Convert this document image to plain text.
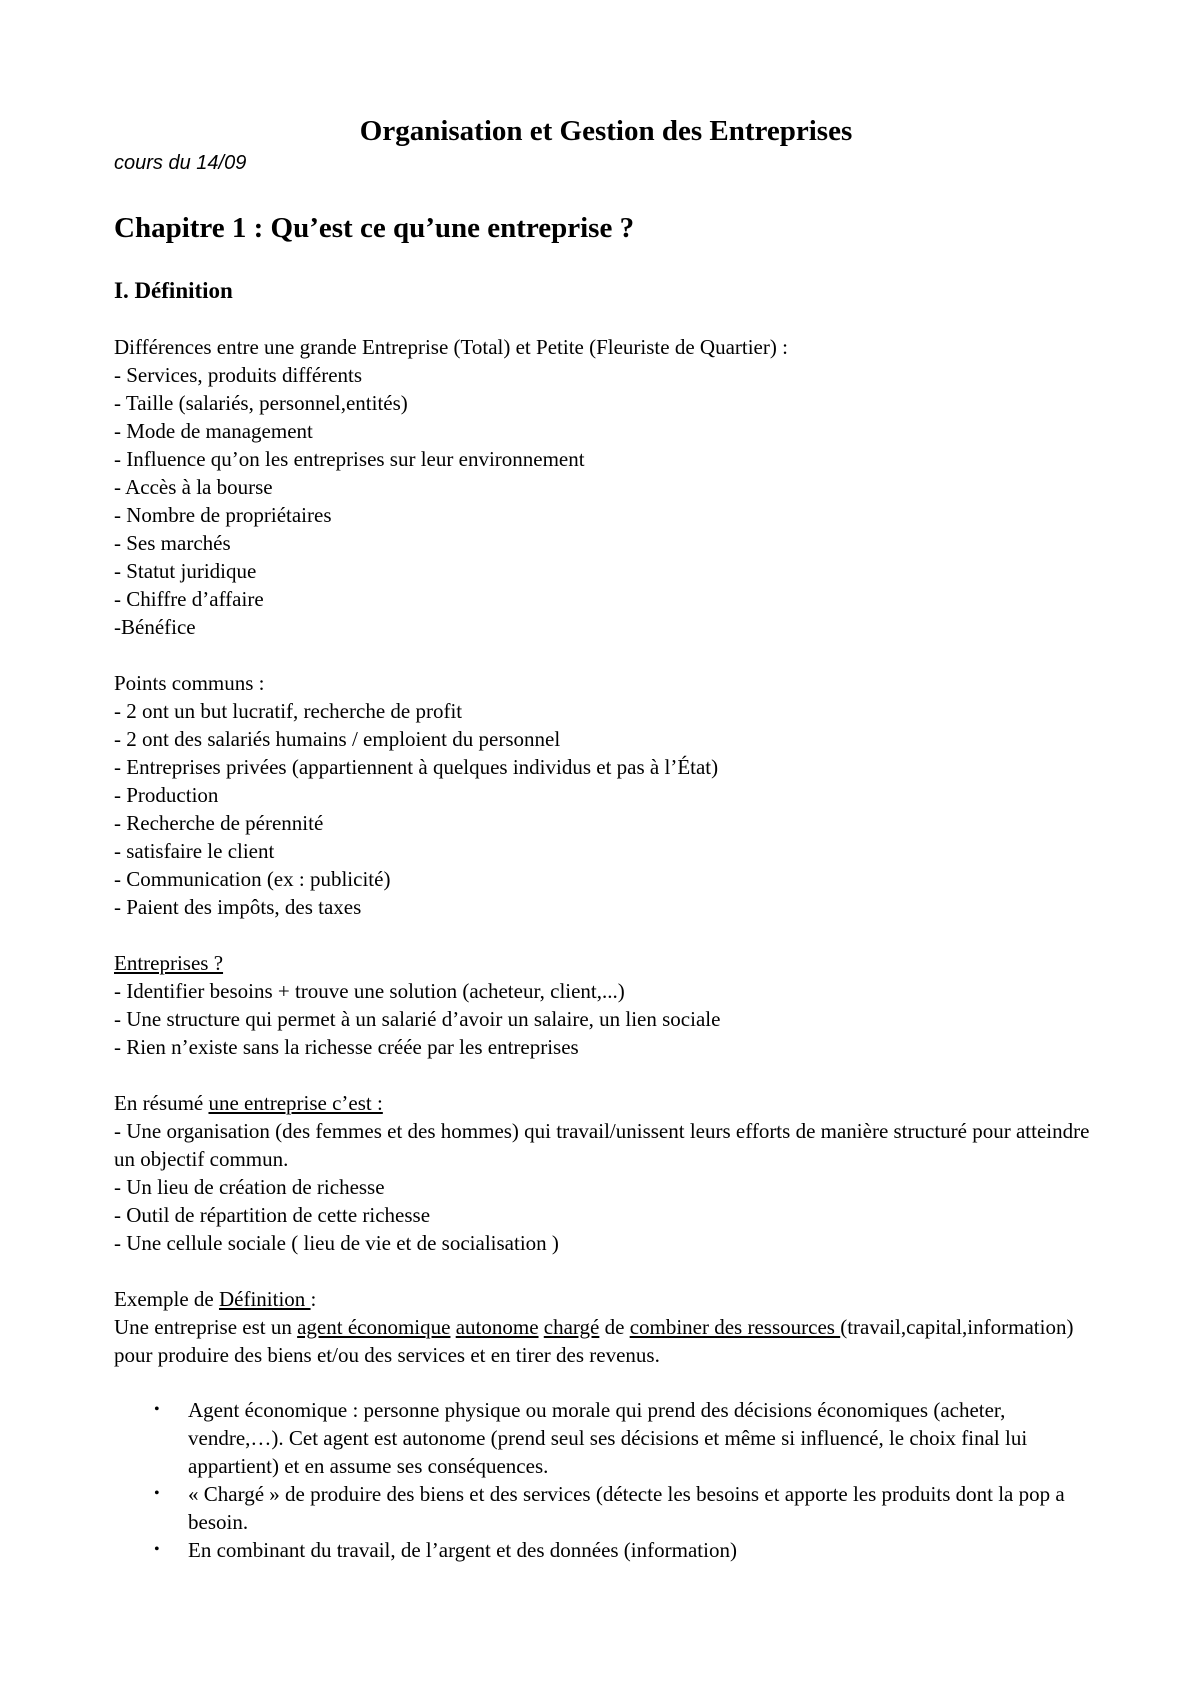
Organisation et Gestion des Entreprises

cours du 14/09

Chapitre 1 : Qu’est ce qu’une entreprise ?
I. Définition

Différences entre une grande Entreprise (Total) et Petite (Fleuriste de Quartier) :

- Services, produits différents

- Taille (salariés, personnel,entités)

- Mode de management

- Influence qu’on les entreprises sur leur environnement

- Accès à la bourse

- Nombre de propriétaires

- Ses marchés

- Statut juridique

- Chiffre d’affaire

-Bénéfice

Points communs :

- 2 ont un but lucratif, recherche de profit

- 2 ont des salariés humains / emploient du personnel

- Entreprises privées (appartiennent à quelques individus et pas à l’État)

- Production

- Recherche de pérennité

- satisfaire le client

- Communication (ex : publicité)

- Paient des impôts, des taxes

Entreprises ?

- Identifier besoins + trouve une solution (acheteur, client,...)

- Une structure qui permet à un salarié d’avoir un salaire, un lien sociale

- Rien n’existe sans la richesse créée par les entreprises

En résumé une entreprise c’est :

- Une organisation (des femmes et des hommes) qui travail/unissent leurs efforts de manière structuré pour atteindre un objectif commun.

- Un lieu de création de richesse

- Outil de répartition de cette richesse

- Une cellule sociale ( lieu de vie et de socialisation )

Exemple de Définition :

Une entreprise est un agent économique autonome chargé de combiner des ressources (travail,capital,information) pour produire des biens et/ou des services et en tirer des revenus.

• Agent économique : personne physique ou morale qui prend des décisions économiques (acheter, vendre,…). Cet agent est autonome (prend seul ses décisions et même si influencé, le choix final lui appartient) et en assume ses conséquences.
• « Chargé » de produire des biens et des services (détecte les besoins et apporte les produits dont la pop a besoin.
• En combinant du travail, de l’argent et des données (information)
